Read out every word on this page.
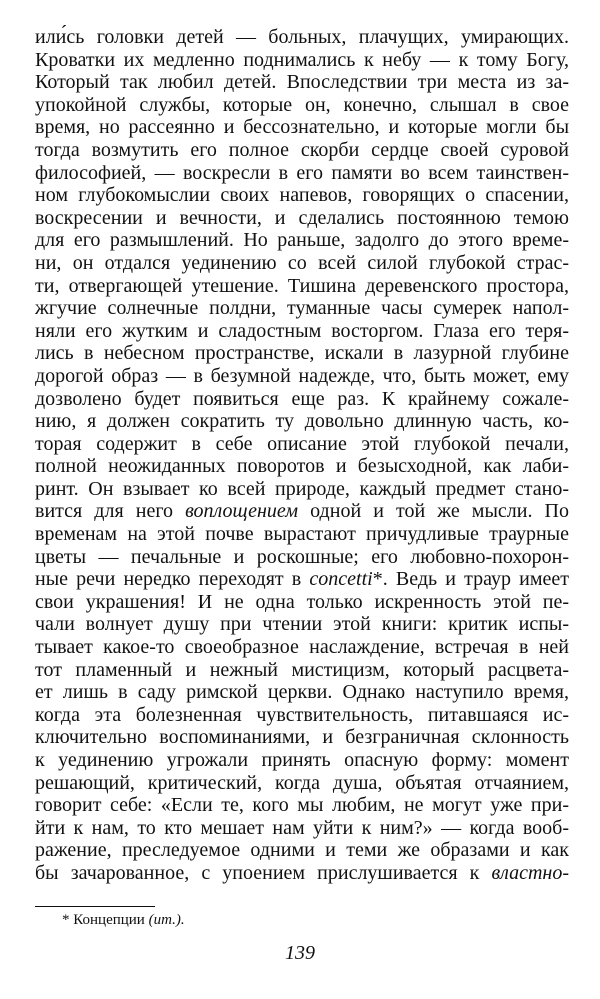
или́сь головки детей — больных, плачущих, умирающих.
Кроватки их медленно поднимались к небу — к тому Богу,
Который так любил детей. Впоследствии три места из за-
упокойной службы, которые он, конечно, слышал в свое
время, но рассеянно и бессознательно, и которые могли бы
тогда возмутить его полное скорби сердце своей суровой
философией, — воскресли в его памяти во всем таинствен-
ном глубокомыслии своих напевов, говорящих о спасении,
воскресении и вечности, и сделались постоянною темою
для его размышлений. Но раньше, задолго до этого време-
ни, он отдался уединению со всей силой глубокой страс-
ти, отвергающей утешение. Тишина деревенского простора,
жгучие солнечные полдни, туманные часы сумерек напол-
няли его жутким и сладостным восторгом. Глаза его теря-
лись в небесном пространстве, искали в лазурной глубине
дорогой образ — в безумной надежде, что, быть может, ему
дозволено будет появиться еще раз. К крайнему сожале-
нию, я должен сократить ту довольно длинную часть, ко-
торая содержит в себе описание этой глубокой печали,
полной неожиданных поворотов и безысходной, как лаби-
ринт. Он взывает ко всей природе, каждый предмет стано-
вится для него воплощением одной и той же мысли. По
временам на этой почве вырастают причудливые траурные
цветы — печальные и роскошные; его любовно-похорон-
ные речи нередко переходят в concetti*. Ведь и траур имеет
свои украшения! И не одна только искренность этой пе-
чали волнует душу при чтении этой книги: критик испы-
тывает какое-то своеобразное наслаждение, встречая в ней
тот пламенный и нежный мистицизм, который расцвета-
ет лишь в саду римской церкви. Однако наступило время,
когда эта болезненная чувствительность, питавшаяся ис-
ключительно воспоминаниями, и безграничная склонность
к уединению угрожали принять опасную форму: момент
решающий, критический, когда душа, объятая отчаянием,
говорит себе: «Если те, кого мы любим, не могут уже при-
йти к нам, то кто мешает нам уйти к ним?» — когда вооб-
ражение, преследуемое одними и теми же образами и как
бы зачарованное, с упоением прислушивается к властно-
* Концепции (ит.).
139
